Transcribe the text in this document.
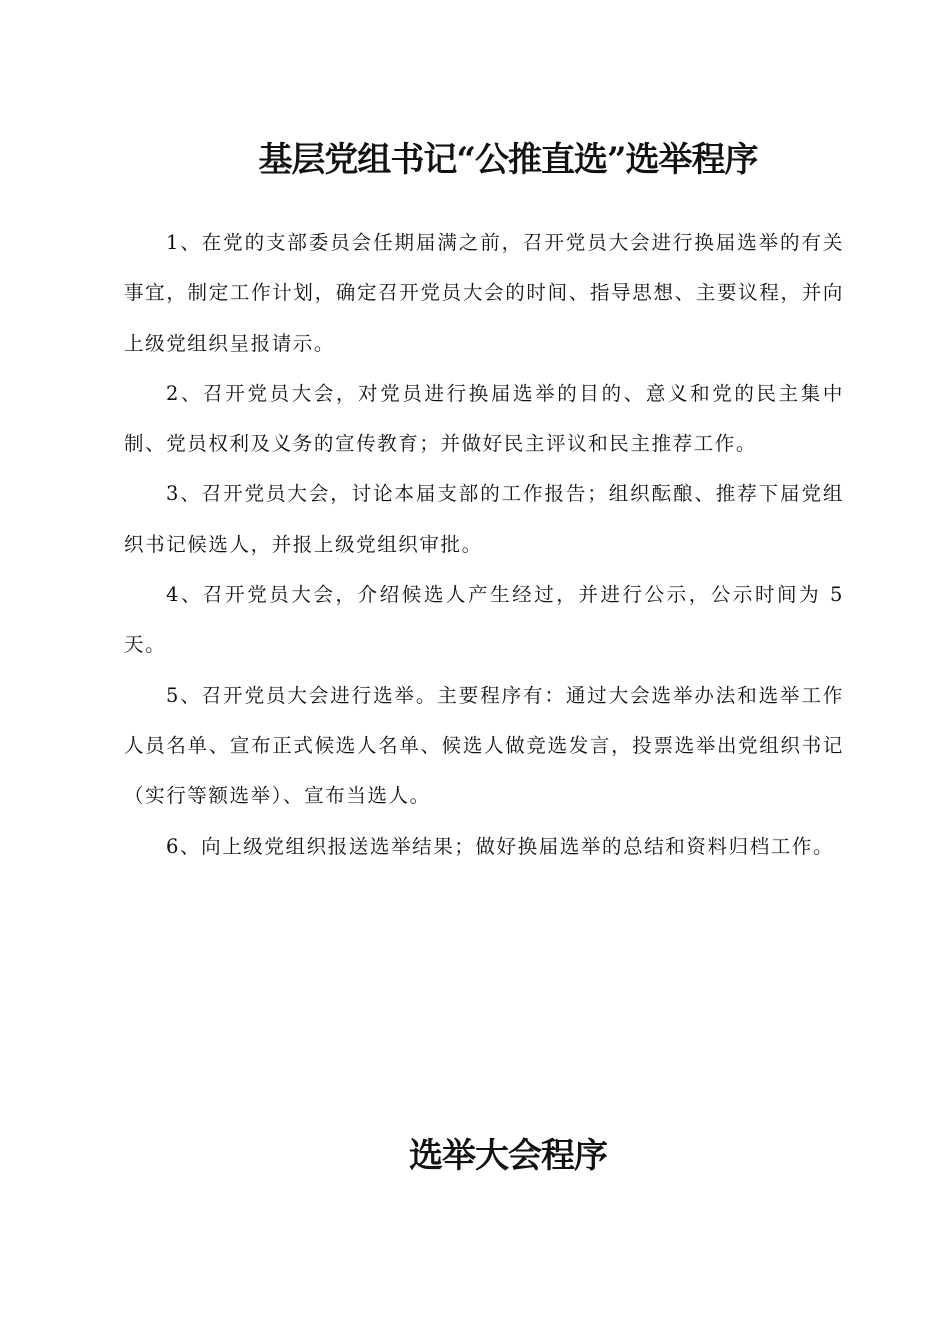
基层党组书记“公推直选”选举程序

1、在党的支部委员会任期届满之前，召开党员大会进行换届选举的有关事宜，制定工作计划，确定召开党员大会的时间、指导思想、主要议程，并向上级党组织呈报请示。

2、召开党员大会，对党员进行换届选举的目的、意义和党的民主集中制、党员权利及义务的宣传教育；并做好民主评议和民主推荐工作。

3、召开党员大会，讨论本届支部的工作报告；组织酝酿、推荐下届党组织书记候选人，并报上级党组织审批。

4、召开党员大会，介绍候选人产生经过，并进行公示，公示时间为 5 天。

5、召开党员大会进行选举。主要程序有：通过大会选举办法和选举工作人员名单、宣布正式候选人名单、候选人做竞选发言，投票选举出党组织书记（实行等额选举）、宣布当选人。

6、向上级党组织报送选举结果；做好换届选举的总结和资料归档工作。

选举大会程序
